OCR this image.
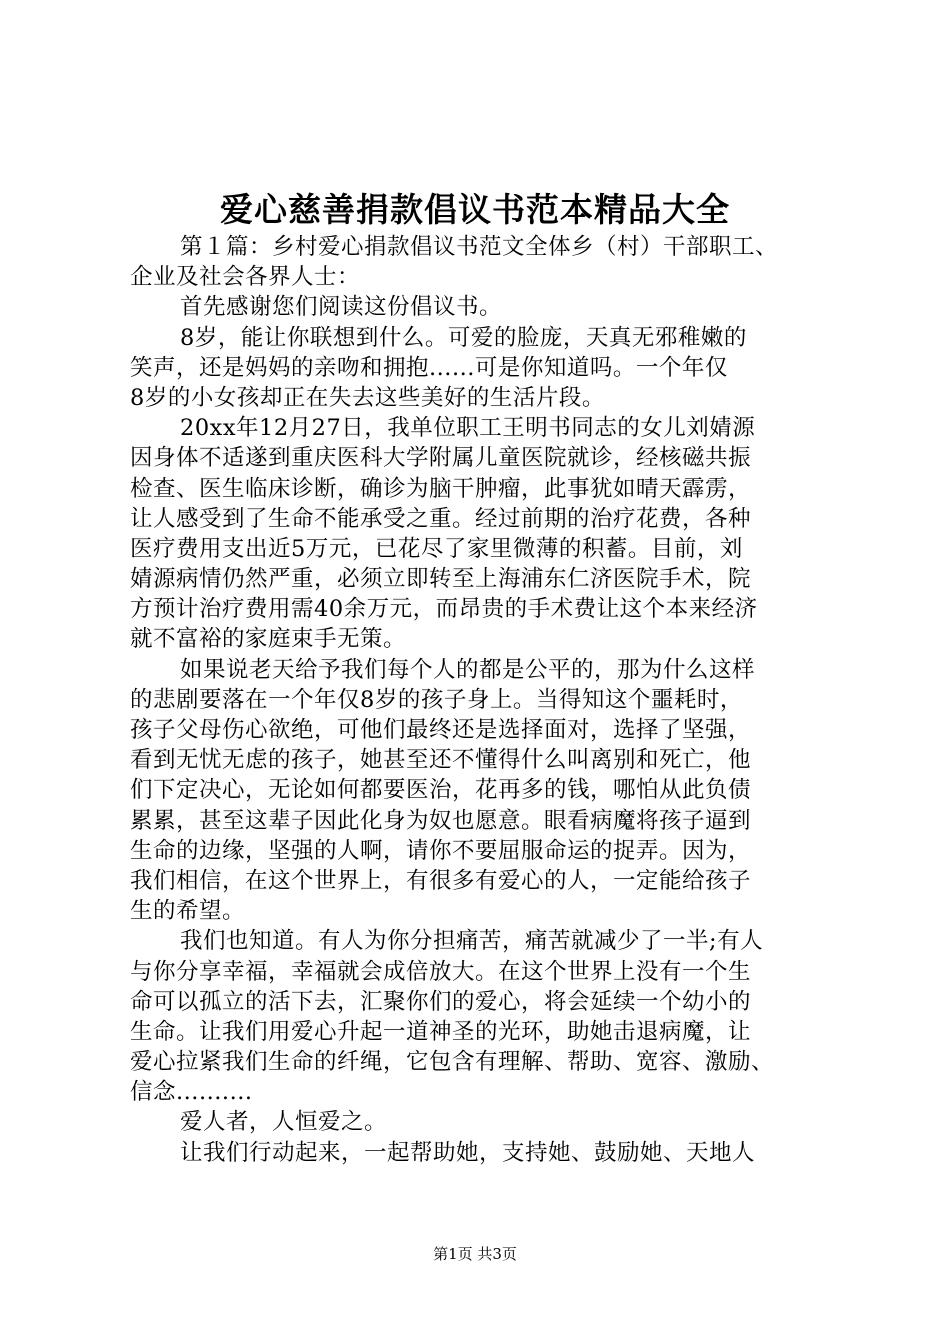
爱心慈善捐款倡议书范本精品大全
第１篇：乡村爱心捐款倡议书范文全体乡（村）干部职工、
企业及社会各界人士：
首先感谢您们阅读这份倡议书。
8岁，能让你联想到什么。可爱的脸庞，天真无邪稚嫩的
笑声，还是妈妈的亲吻和拥抱......可是你知道吗。一个年仅
8岁的小女孩却正在失去这些美好的生活片段。
20xx年12月27日，我单位职工王明书同志的女儿刘婧源
因身体不适遂到重庆医科大学附属儿童医院就诊，经核磁共振
检查、医生临床诊断，确诊为脑干肿瘤，此事犹如晴天霹雳，
让人感受到了生命不能承受之重。经过前期的治疗花费，各种
医疗费用支出近5万元，已花尽了家里微薄的积蓄。目前，刘
婧源病情仍然严重，必须立即转至上海浦东仁济医院手术，院
方预计治疗费用需40余万元，而昂贵的手术费让这个本来经济
就不富裕的家庭束手无策。
如果说老天给予我们每个人的都是公平的，那为什么这样
的悲剧要落在一个年仅8岁的孩子身上。当得知这个噩耗时，
孩子父母伤心欲绝，可他们最终还是选择面对，选择了坚强，
看到无忧无虑的孩子，她甚至还不懂得什么叫离别和死亡，他
们下定决心，无论如何都要医治，花再多的钱，哪怕从此负债
累累，甚至这辈子因此化身为奴也愿意。眼看病魔将孩子逼到
生命的边缘，坚强的人啊，请你不要屈服命运的捉弄。因为，
我们相信，在这个世界上，有很多有爱心的人，一定能给孩子
生的希望。
我们也知道。有人为你分担痛苦，痛苦就减少了一半;有人
与你分享幸福，幸福就会成倍放大。在这个世界上没有一个生
命可以孤立的活下去，汇聚你们的爱心，将会延续一个幼小的
生命。让我们用爱心升起一道神圣的光环，助她击退病魔，让
爱心拉紧我们生命的纤绳，它包含有理解、帮助、宽容、激励、
信念..........
爱人者，人恒爱之。
让我们行动起来，一起帮助她，支持她、鼓励她、天地人
第1页 共3页
